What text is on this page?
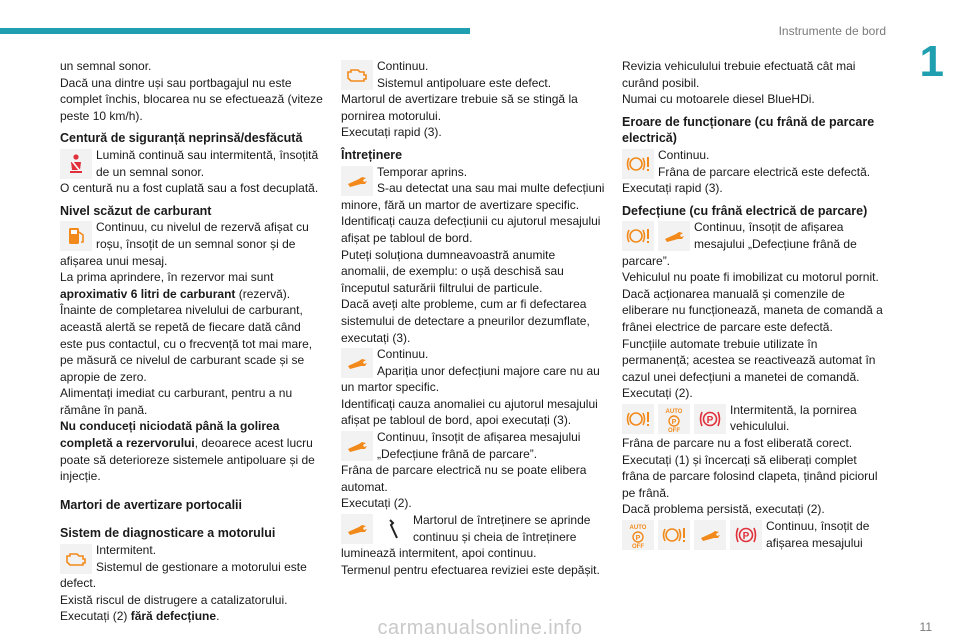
Instrumente de bord
1

un semnal sonor.

Dacă una dintre uși sau portbagajul nu este complet închis, blocarea nu se efectuează (viteze peste 10 km/h).

Centură de siguranță neprinsă/desfăcută

Lumină continuă sau intermitentă, însoțită de un semnal sonor.

O centură nu a fost cuplată sau a fost decuplată.

Nivel scăzut de carburant

Continuu, cu nivelul de rezervă afișat cu roșu, însoțit de un semnal sonor și de afișarea unui mesaj.

La prima aprindere, în rezervor mai sunt
aproximativ 6 litri de carburant (rezervă).

Înainte de completarea nivelului de carburant, această alertă se repetă de fiecare dată când este pus contactul, cu o frecvență tot mai mare, pe măsură ce nivelul de carburant scade și se apropie de zero.

Alimentați imediat cu carburant, pentru a nu rămâne în pană.

Nu conduceți niciodată până la golirea completă a rezervorului, deoarece acest lucru poate să deterioreze sistemele antipoluare și de injecție.

Martori de avertizare portocalii

Sistem de diagnosticare a motorului

Intermitent.
Sistemul de gestionare a motorului este defect.

Există riscul de distrugere a catalizatorului.

Executați (2) fără defecțiune.

Continuu.
Sistemul antipoluare este defect.

Martorul de avertizare trebuie să se stingă la pornirea motorului.

Executați rapid (3).

Întreținere

Temporar aprins.
S-au detectat una sau mai multe defecțiuni minore, fără un martor de avertizare specific.

Identificați cauza defecțiunii cu ajutorul mesajului afișat pe tabloul de bord.

Puteți soluționa dumneavoastră anumite anomalii, de exemplu: o ușă deschisă sau începutul saturării filtrului de particule.

Dacă aveți alte probleme, cum ar fi defectarea sistemului de detectare a pneurilor dezumflate, executați (3).

Continuu.
Apariția unor defecțiuni majore care nu au un martor specific.

Identificați cauza anomaliei cu ajutorul mesajului afișat pe tabloul de bord, apoi executați (3).

Continuu, însoțit de afișarea mesajului „Defecțiune frână de parcare”.

Frâna de parcare electrică nu se poate elibera automat.

Executați (2).

Martorul de întreținere se aprinde continuu și cheia de întreținere luminează intermitent, apoi continuu.

Termenul pentru efectuarea reviziei este depășit.

Revizia vehiculului trebuie efectuată cât mai curând posibil.

Numai cu motoarele diesel BlueHDi.

Eroare de funcționare (cu frână de parcare electrică)

Continuu.
Frâna de parcare electrică este defectă.

Executați rapid (3).

Defecțiune (cu frână electrică de parcare)

Continuu, însoțit de afișarea mesajului „Defecțiune frână de parcare”.

Vehiculul nu poate fi imobilizat cu motorul pornit.

Dacă acționarea manuală și comenzile de eliberare nu funcționează, maneta de comandă a frânei electrice de parcare este defectă.

Funcțiile automate trebuie utilizate în permanență; acestea se reactivează automat în cazul unei defecțiuni a manetei de comandă.

Executați (2).

AUTO
P
OFF
P
Intermitentă, la pornirea vehiculului.

Frâna de parcare nu a fost eliberată corect.

Executați (1) și încercați să eliberați complet frâna de parcare folosind clapeta, ținând piciorul pe frână.

Dacă problema persistă, executați (2).

AUTO
P
OFF
P
Continuu, însoțit de afișarea mesajului
carmanualsonline.info	11
